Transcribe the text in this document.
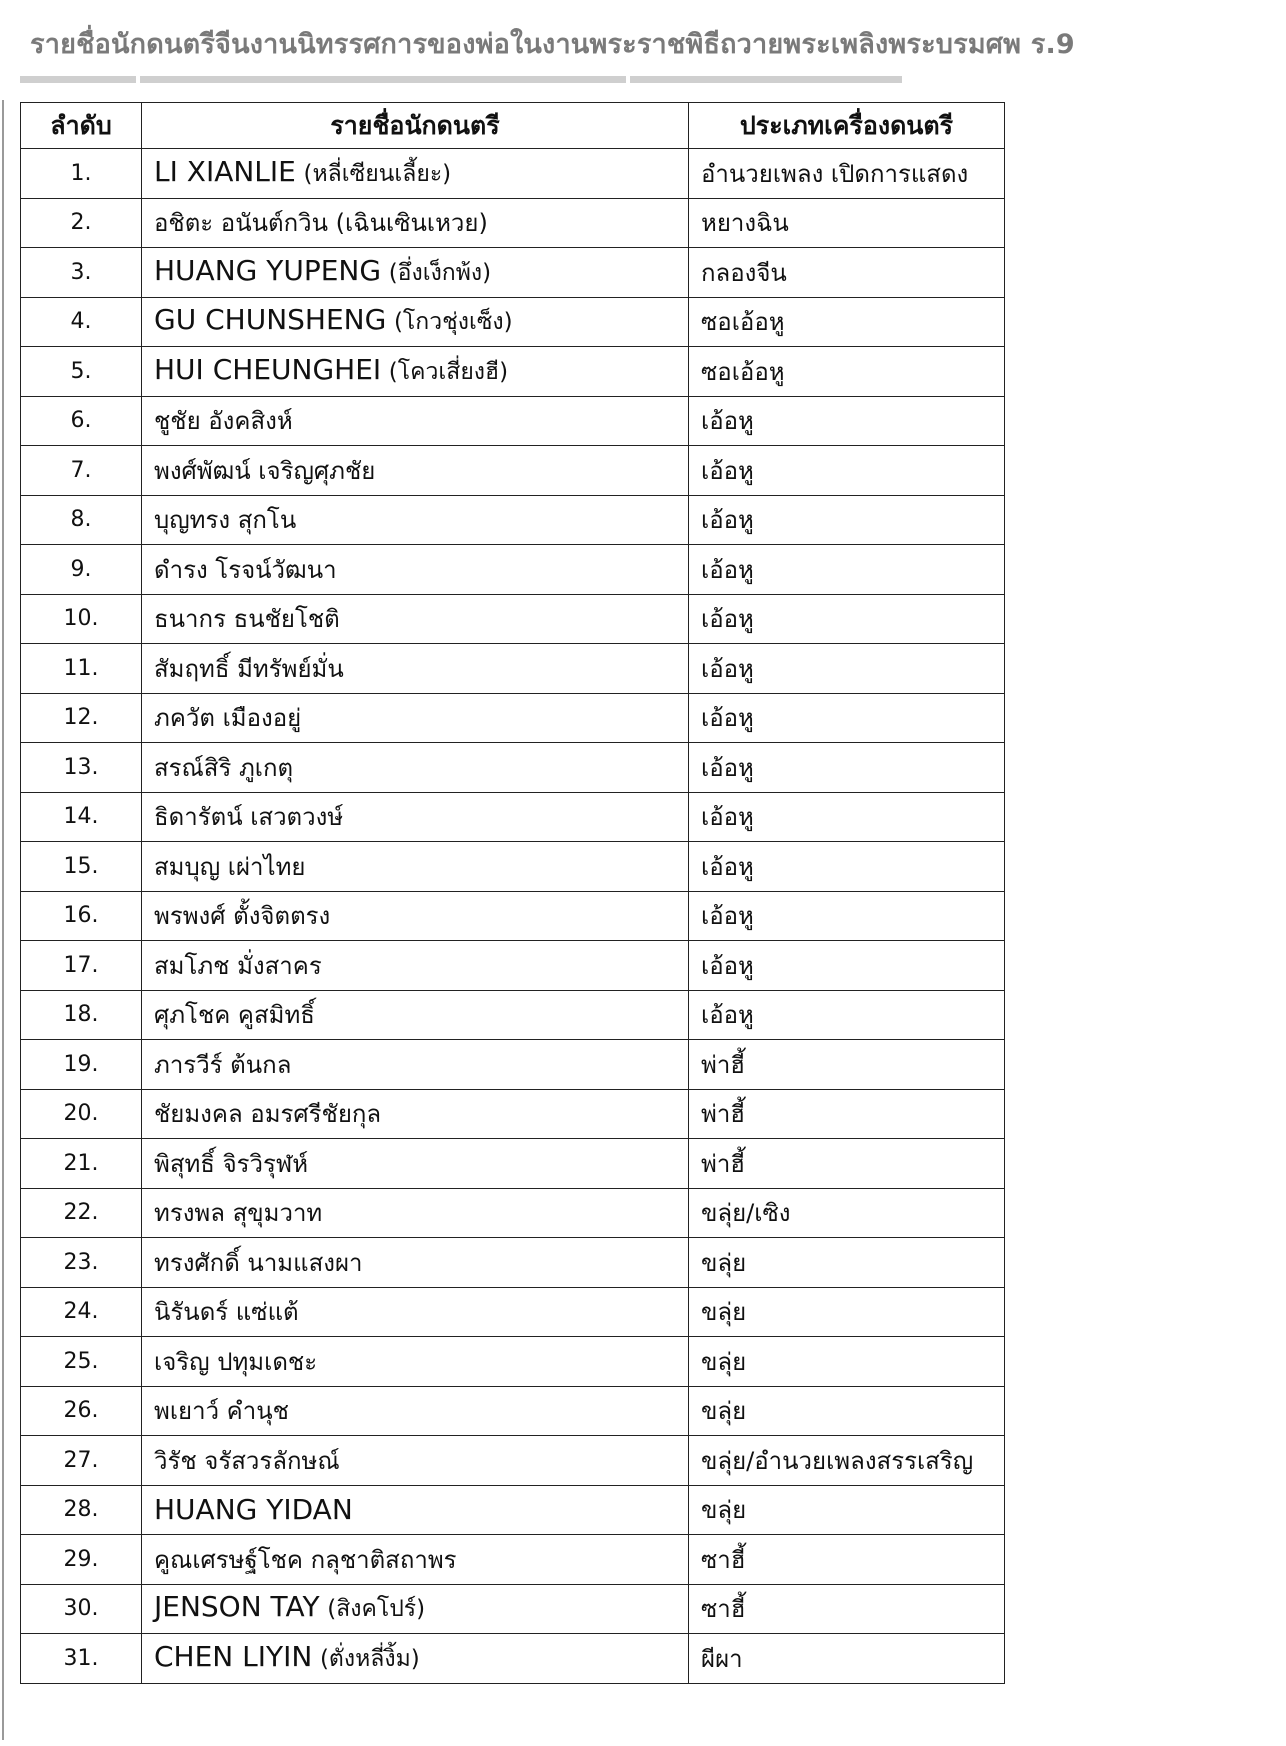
รายชื่อนักดนตรีจีนงานนิทรรศการของพ่อในงานพระราชพิธีถวายพระเพลิงพระบรมศพ ร.9
ลำดับ	รายชื่อนักดนตรี	ประเภทเครื่องดนตรี
1.	LI XIANLIE (หลี่เซียนเลี้ยะ)	อำนวยเพลง เปิดการแสดง
2.	อชิตะ อนันต์กวิน (เฉินเซินเหวย)	หยางฉิน
3.	HUANG YUPENG (อึ่งเง็กพ้ง)	กลองจีน
4.	GU CHUNSHENG (โกวชุ่งเซ็ง)	ซอเอ้อหู
5.	HUI CHEUNGHEI (โควเสี่ยงฮี)	ซอเอ้อหู
6.	ชูชัย อังคสิงห์	เอ้อหู
7.	พงศ์พัฒน์ เจริญศุภชัย	เอ้อหู
8.	บุญทรง สุกโน	เอ้อหู
9.	ดำรง โรจน์วัฒนา	เอ้อหู
10.	ธนากร ธนชัยโชติ	เอ้อหู
11.	สัมฤทธิ์ มีทรัพย์มั่น	เอ้อหู
12.	ภควัต เมืองอยู่	เอ้อหู
13.	สรณ์สิริ ภูเกตุ	เอ้อหู
14.	ธิดารัตน์ เสวตวงษ์	เอ้อหู
15.	สมบุญ เผ่าไทย	เอ้อหู
16.	พรพงศ์ ตั้งจิตตรง	เอ้อหู
17.	สมโภช มั่งสาคร	เอ้อหู
18.	ศุภโชค คูสมิทธิ์	เอ้อหู
19.	ภารวีร์ ต้นกล	พ่าฮี้
20.	ชัยมงคล อมรศรีชัยกุล	พ่าฮี้
21.	พิสุทธิ์ จิรวิรุฬห์	พ่าฮี้
22.	ทรงพล สุขุมวาท	ขลุ่ย/เซิง
23.	ทรงศักดิ์ นามแสงผา	ขลุ่ย
24.	นิรันดร์ แซ่แต้	ขลุ่ย
25.	เจริญ ปทุมเดชะ	ขลุ่ย
26.	พเยาว์ คำนุช	ขลุ่ย
27.	วิรัช จรัสวรลักษณ์	ขลุ่ย/อำนวยเพลงสรรเสริญ
28.	HUANG YIDAN	ขลุ่ย
29.	คูณเศรษฐ์โชค กลุชาติสถาพร	ซาฮี้
30.	JENSON TAY (สิงคโปร์)	ซาฮี้
31.	CHEN LIYIN (ตั่งหลี่งิ้ม)	ผีผา
